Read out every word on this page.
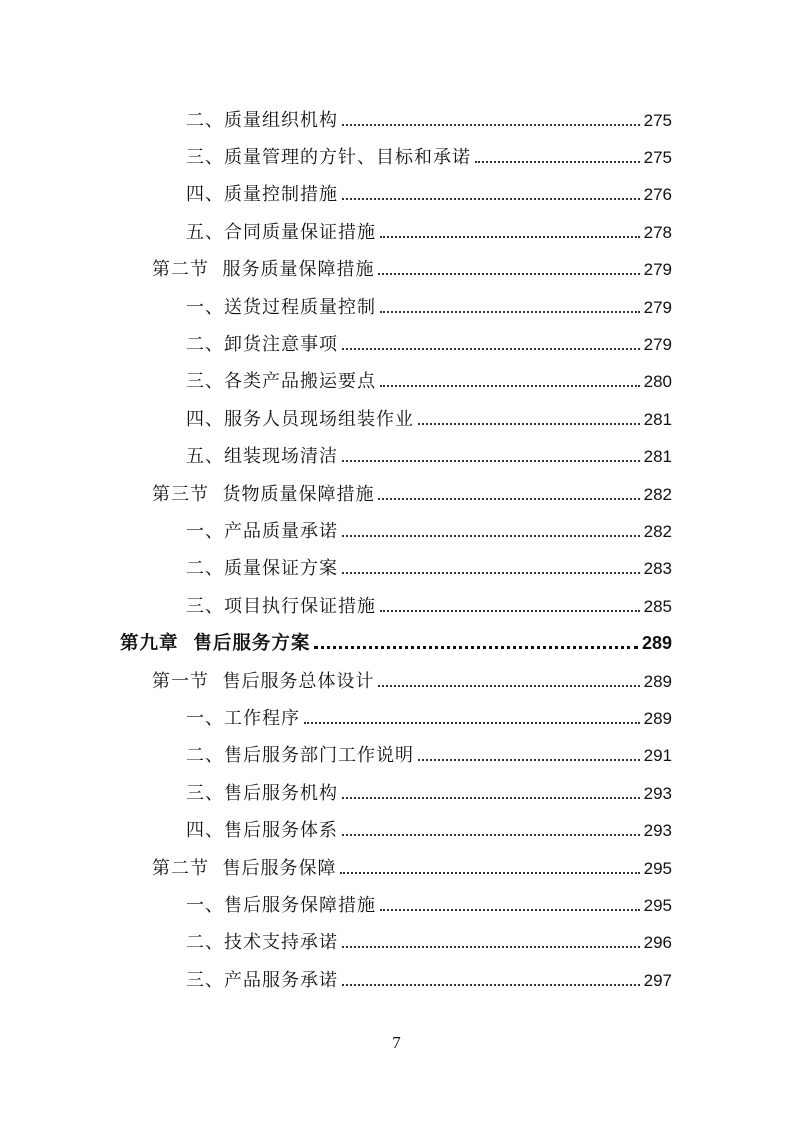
二、 质量组织机构	275
三、 质量管理的方针、目标和承诺	275
四、 质量控制措施	276
五、 合同质量保证措施	278
第二节 服务质量保障措施	279
一、 送货过程质量控制	279
二、 卸货注意事项	279
三、 各类产品搬运要点	280
四、 服务人员现场组装作业	281
五、 组装现场清洁	281
第三节 货物质量保障措施	282
一、 产品质量承诺	282
二、 质量保证方案	283
三、 项目执行保证措施	285
第九章 售后服务方案	289
第一节 售后服务总体设计	289
一、 工作程序	289
二、 售后服务部门工作说明	291
三、 售后服务机构	293
四、 售后服务体系	293
第二节 售后服务保障	295
一、 售后服务保障措施	295
二、 技术支持承诺	296
三、 产品服务承诺	297
7
